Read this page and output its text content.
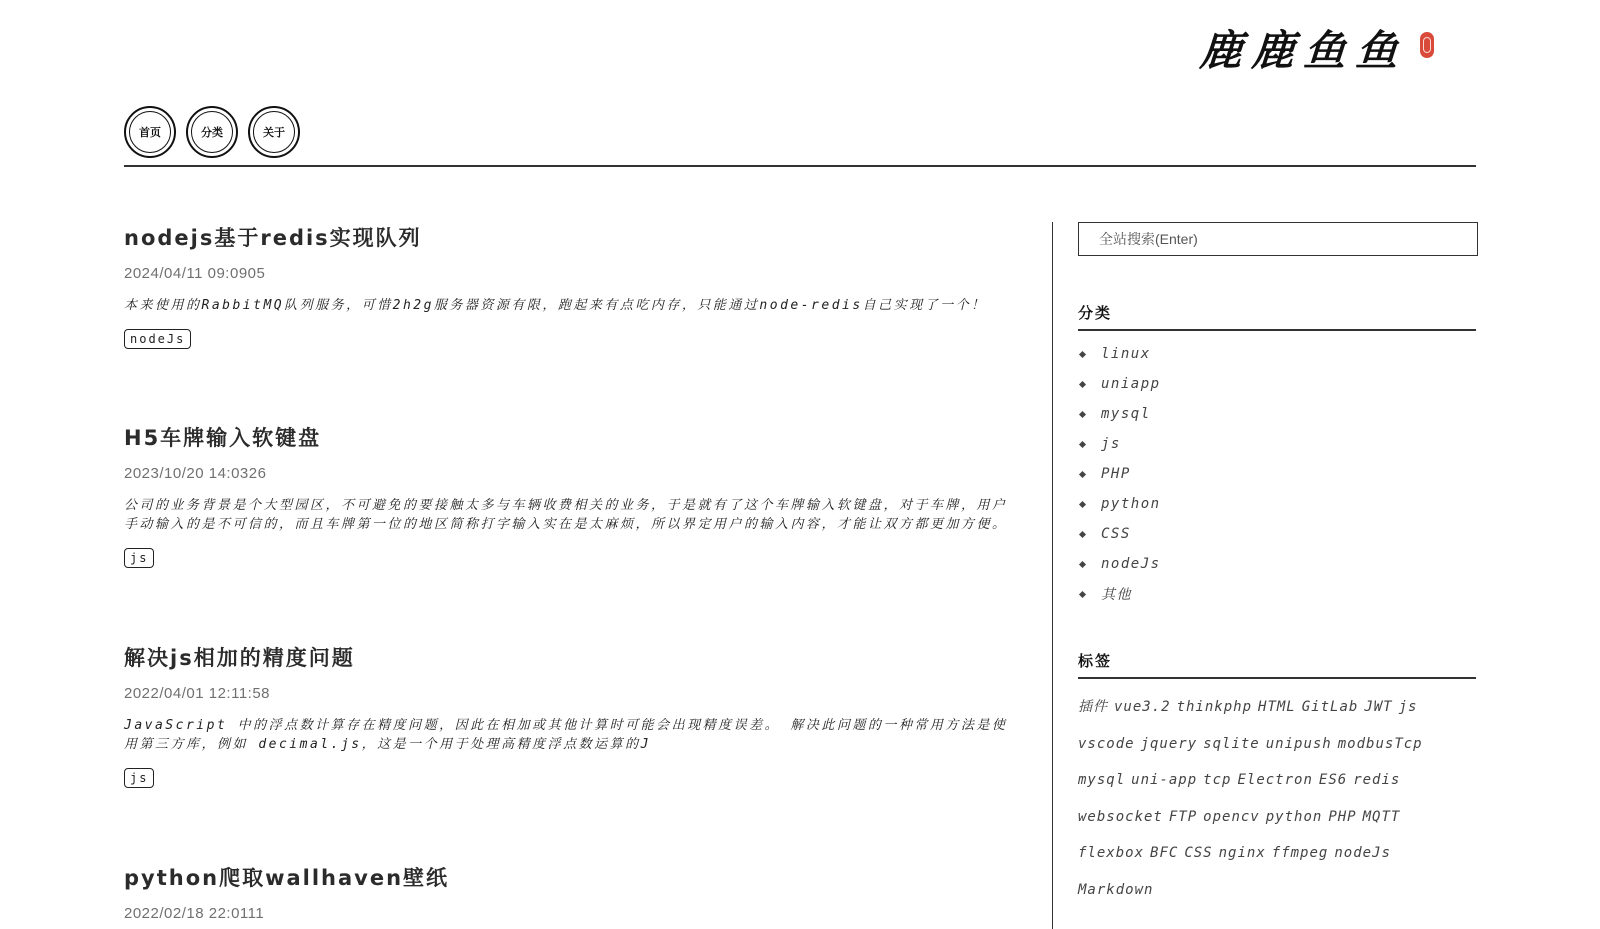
鹿鹿鱼鱼
首页	分类	关于
nodejs基于redis实现队列
2024/04/11 09:0905
本来使用的RabbitMQ队列服务，可惜2h2g服务器资源有限，跑起来有点吃内存，只能通过node-redis自己实现了一个！
nodeJs
H5车牌输入软键盘
2023/10/20 14:0326
公司的业务背景是个大型园区，不可避免的要接触太多与车辆收费相关的业务，于是就有了这个车牌输入软键盘，对于车牌，用户手动输入的是不可信的，而且车牌第一位的地区简称打字输入实在是太麻烦，所以界定用户的输入内容，才能让双方都更加方便。
js
解决js相加的精度问题
2022/04/01 12:11:58
JavaScript 中的浮点数计算存在精度问题，因此在相加或其他计算时可能会出现精度误差。 解决此问题的一种常用方法是使用第三方库，例如 decimal.js，这是一个用于处理高精度浮点数运算的J
js
python爬取wallhaven壁纸
2022/02/18 22:0111
全站搜索(Enter)
分类
linux
uniapp
mysql
js
PHP
python
CSS
nodeJs
其他
标签
插件 vue3.2 thinkphp HTML GitLab JWT jsvscode jquery sqlite unipush modbusTcpmysql uni-app tcp Electron ES6 rediswebsocket FTP opencv python PHP MQTTflexbox BFC CSS nginx ffmpeg nodeJsMarkdown
